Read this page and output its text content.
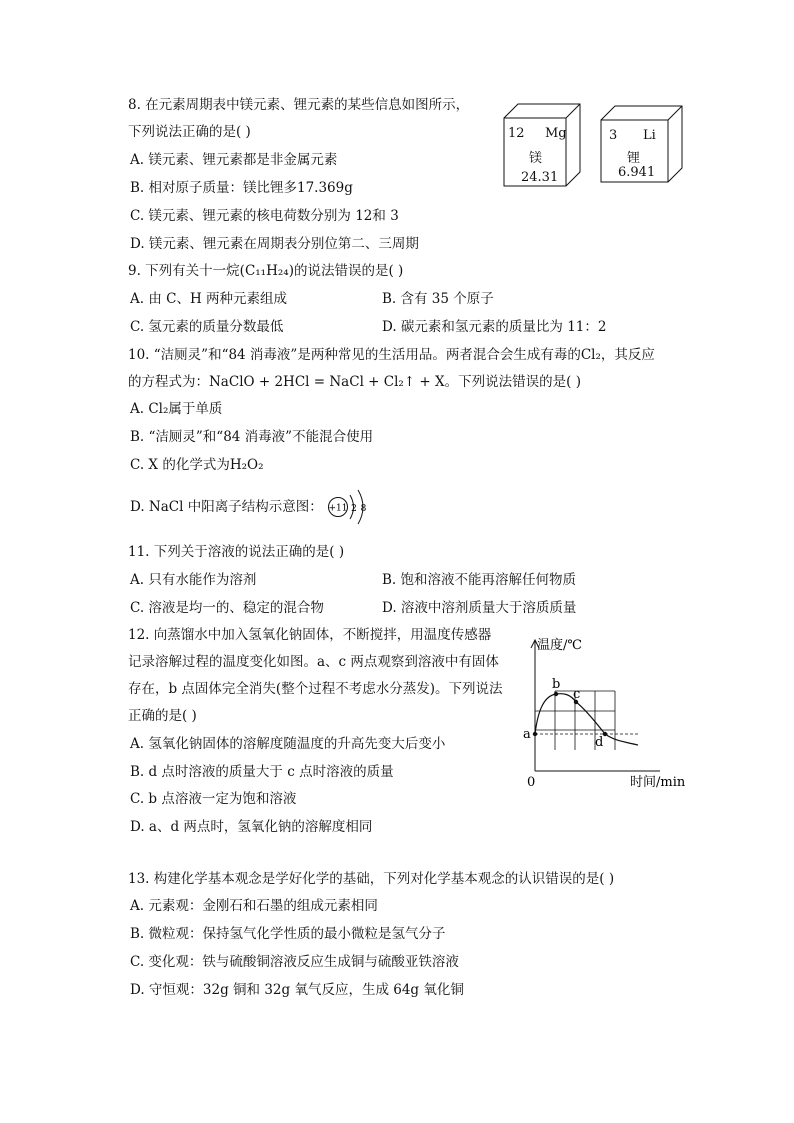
8. 在元素周期表中镁元素、锂元素的某些信息如图所示，
下列说法正确的是( )
A. 镁元素、锂元素都是非金属元素
B. 相对原子质量：镁比锂多17.369g
C. 镁元素、锂元素的核电荷数分别为 12和 3
D. 镁元素、锂元素在周期表分别位第二、三周期
12 Mg
镁
24.31
3 Li
锂
6.941
9. 下列有关十一烷(C₁₁H₂₄)的说法错误的是( )
A. 由 C、H 两种元素组成	B. 含有 35 个原子
C. 氢元素的质量分数最低	D. 碳元素和氢元素的质量比为 11：2
10. “洁厕灵”和“84 消毒液”是两种常见的生活用品。两者混合会生成有毒的Cl₂，其反应
的方程式为：NaClO + 2HCl = NaCl + Cl₂↑ + X。下列说法错误的是( )
A. Cl₂属于单质
B. “洁厕灵”和“84 消毒液”不能混合使用
C. X 的化学式为H₂O₂
D. NaCl 中阳离子结构示意图： +11 2 8
11. 下列关于溶液的说法正确的是( )
A. 只有水能作为溶剂	B. 饱和溶液不能再溶解任何物质
C. 溶液是均一的、稳定的混合物	D. 溶液中溶剂质量大于溶质质量
12. 向蒸馏水中加入氢氧化钠固体，不断搅拌，用温度传感器
记录溶解过程的温度变化如图。a、c 两点观察到溶液中有固体
存在，b 点固体完全消失(整个过程不考虑水分蒸发)。下列说法
正确的是( )
A. 氢氧化钠固体的溶解度随温度的升高先变大后变小
B. d 点时溶液的质量大于 c 点时溶液的质量
C. b 点溶液一定为饱和溶液
D. a、d 两点时，氢氧化钠的溶解度相同
a
b
c
d
温度/℃
时间/min
0
13. 构建化学基本观念是学好化学的基础，下列对化学基本观念的认识错误的是( )
A. 元素观：金刚石和石墨的组成元素相同
B. 微粒观：保持氢气化学性质的最小微粒是氢气分子
C. 变化观：铁与硫酸铜溶液反应生成铜与硫酸亚铁溶液
D. 守恒观：32g 铜和 32g 氧气反应，生成 64g 氧化铜
